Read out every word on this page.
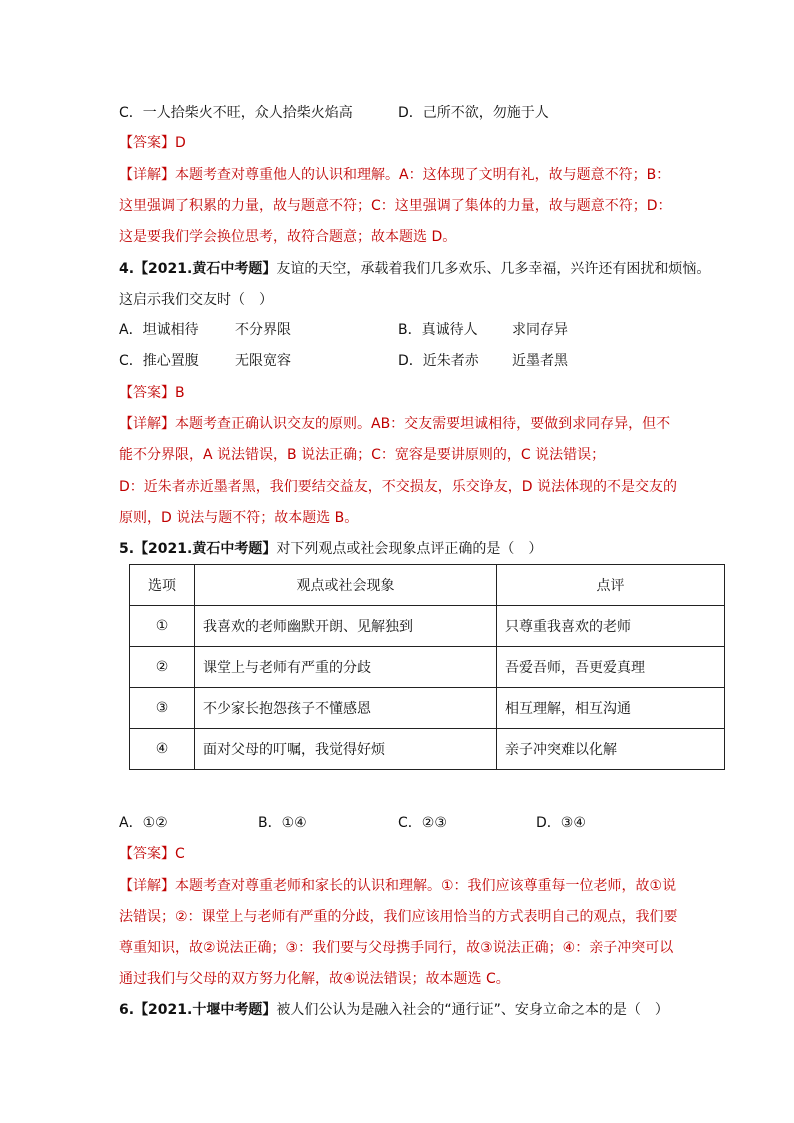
C．一人拾柴火不旺，众人拾柴火焰高	D．己所不欲，勿施于人
【答案】D
【详解】本题考查对尊重他人的认识和理解。A：这体现了文明有礼，故与题意不符；B：
这里强调了积累的力量，故与题意不符；C：这里强调了集体的力量，故与题意不符；D：
这是要我们学会换位思考，故符合题意；故本题选 D。
4.【2021.黄石中考题】友谊的天空，承载着我们几多欢乐、几多幸福，兴许还有困扰和烦恼。
这启示我们交友时（　）
A．坦诚相待	不分界限	B．真诚待人 求同存异
C．推心置腹	无限宽容	D．近朱者赤 近墨者黑
【答案】B
【详解】本题考查正确认识交友的原则。AB：交友需要坦诚相待，要做到求同存异，但不
能不分界限，A 说法错误，B 说法正确；C：宽容是要讲原则的，C 说法错误；
D：近朱者赤近墨者黑，我们要结交益友，不交损友，乐交诤友，D 说法体现的不是交友的
原则，D 说法与题不符；故本题选 B。
5.【2021.黄石中考题】对下列观点或社会现象点评正确的是（　）
选项	观点或社会现象	点评
①	我喜欢的老师幽默开朗、见解独到	只尊重我喜欢的老师
②	课堂上与老师有严重的分歧	吾爱吾师，吾更爱真理
③	不少家长抱怨孩子不懂感恩	相互理解，相互沟通
④	面对父母的叮嘱，我觉得好烦	亲子冲突难以化解
A．①②	B．①④	C．②③	D．③④
【答案】C
【详解】本题考查对尊重老师和家长的认识和理解。①：我们应该尊重每一位老师，故①说
法错误；②：课堂上与老师有严重的分歧，我们应该用恰当的方式表明自己的观点，我们要
尊重知识，故②说法正确；③：我们要与父母携手同行，故③说法正确；④：亲子冲突可以
通过我们与父母的双方努力化解，故④说法错误；故本题选 C。
6.【2021.十堰中考题】被人们公认为是融入社会的“通行证”、安身立命之本的是（　）
